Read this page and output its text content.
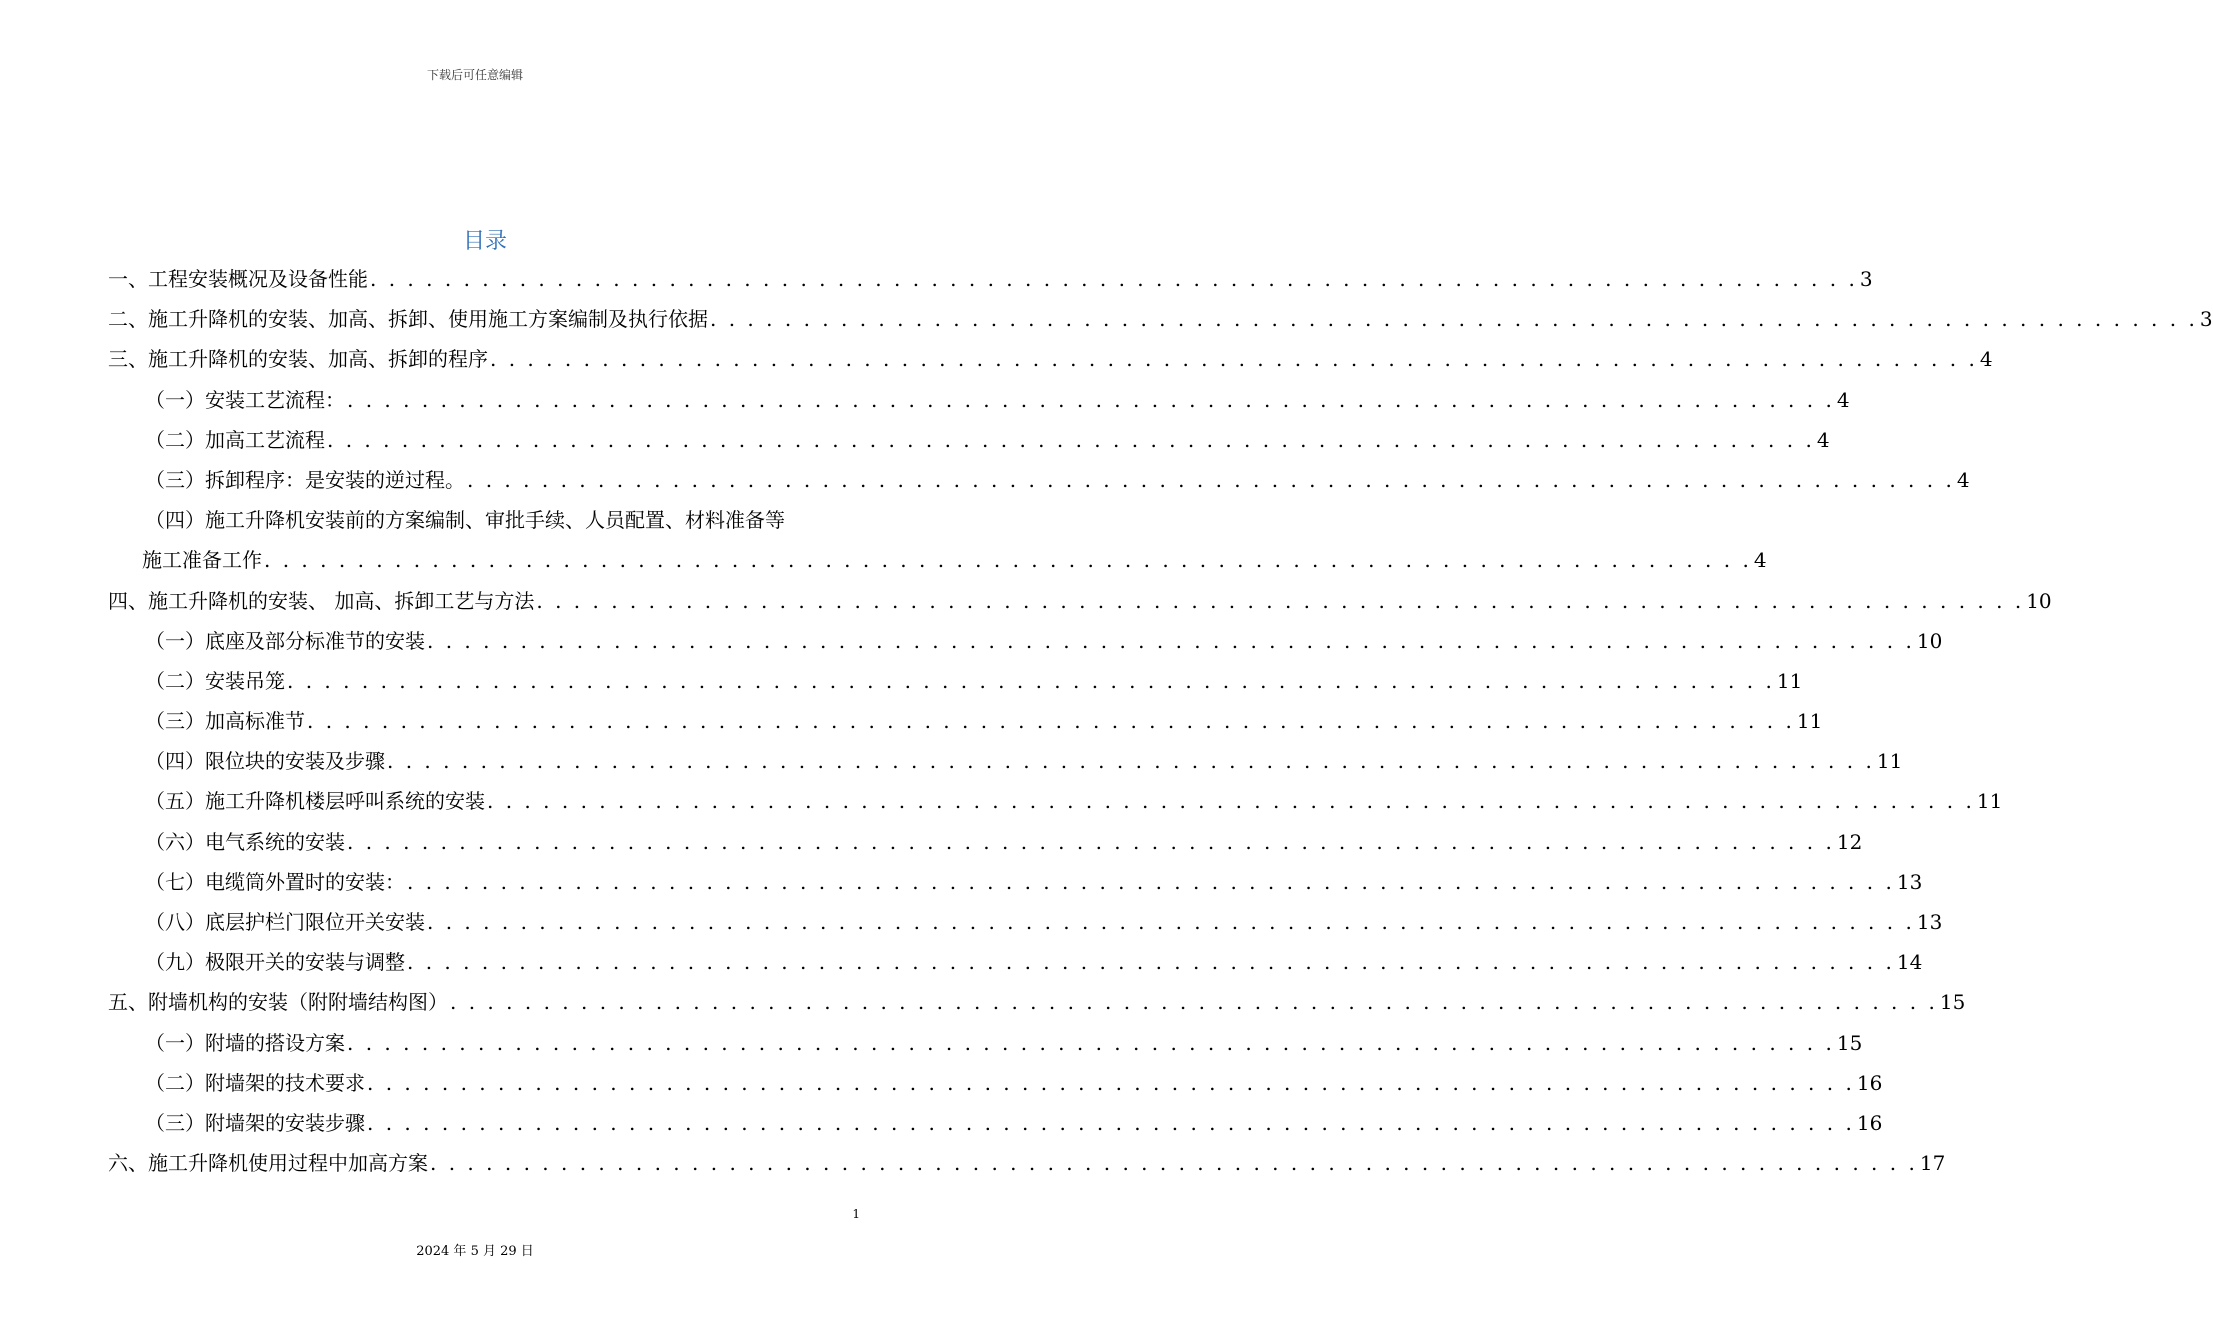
下载后可任意编辑
目录
一、工程安装概况及设备性能 . . . . . . . . . . . . . . . . . . . . . . . . . . . . . . . . . . . . . . . . . . . . . . . . . . . . . . . . . . . . . . . . . . . . . . . . . . . . . . . . 3
二、施工升降机的安装、加高、拆卸、使用施工方案编制及执行依据 . . . . . . . . . . . . . . . . . . . . . . . . . . . . . . . . . . . . . . . . . . . . . . . . . . . . . . . . . . . . . . . . . . . . . . . . . . . . . . . . 3
三、施工升降机的安装、加高、拆卸的程序 . . . . . . . . . . . . . . . . . . . . . . . . . . . . . . . . . . . . . . . . . . . . . . . . . . . . . . . . . . . . . . . . . . . . . . . . . . . . . . . . 4
（一）安装工艺流程： . . . . . . . . . . . . . . . . . . . . . . . . . . . . . . . . . . . . . . . . . . . . . . . . . . . . . . . . . . . . . . . . . . . . . . . . . . . . . . . . 4
（二）加高工艺流程 . . . . . . . . . . . . . . . . . . . . . . . . . . . . . . . . . . . . . . . . . . . . . . . . . . . . . . . . . . . . . . . . . . . . . . . . . . . . . . . . 4
（三）拆卸程序：是安装的逆过程。 . . . . . . . . . . . . . . . . . . . . . . . . . . . . . . . . . . . . . . . . . . . . . . . . . . . . . . . . . . . . . . . . . . . . . . . . . . . . . . . . 4
（四）施工升降机安装前的方案编制、审批手续、人员配置、材料准备等
施工准备工作 . . . . . . . . . . . . . . . . . . . . . . . . . . . . . . . . . . . . . . . . . . . . . . . . . . . . . . . . . . . . . . . . . . . . . . . . . . . . . . . . 4
四、施工升降机的安装、 加高、拆卸工艺与方法 . . . . . . . . . . . . . . . . . . . . . . . . . . . . . . . . . . . . . . . . . . . . . . . . . . . . . . . . . . . . . . . . . . . . . . . . . . . . . . . . 10
（一）底座及部分标准节的安装 . . . . . . . . . . . . . . . . . . . . . . . . . . . . . . . . . . . . . . . . . . . . . . . . . . . . . . . . . . . . . . . . . . . . . . . . . . . . . . . . 10
（二）安装吊笼 . . . . . . . . . . . . . . . . . . . . . . . . . . . . . . . . . . . . . . . . . . . . . . . . . . . . . . . . . . . . . . . . . . . . . . . . . . . . . . . . 11
（三）加高标准节 . . . . . . . . . . . . . . . . . . . . . . . . . . . . . . . . . . . . . . . . . . . . . . . . . . . . . . . . . . . . . . . . . . . . . . . . . . . . . . . . 11
（四）限位块的安装及步骤 . . . . . . . . . . . . . . . . . . . . . . . . . . . . . . . . . . . . . . . . . . . . . . . . . . . . . . . . . . . . . . . . . . . . . . . . . . . . . . . . 11
（五）施工升降机楼层呼叫系统的安装 . . . . . . . . . . . . . . . . . . . . . . . . . . . . . . . . . . . . . . . . . . . . . . . . . . . . . . . . . . . . . . . . . . . . . . . . . . . . . . . . 11
（六）电气系统的安装 . . . . . . . . . . . . . . . . . . . . . . . . . . . . . . . . . . . . . . . . . . . . . . . . . . . . . . . . . . . . . . . . . . . . . . . . . . . . . . . . 12
（七）电缆筒外置时的安装： . . . . . . . . . . . . . . . . . . . . . . . . . . . . . . . . . . . . . . . . . . . . . . . . . . . . . . . . . . . . . . . . . . . . . . . . . . . . . . . . 13
（八）底层护栏门限位开关安装 . . . . . . . . . . . . . . . . . . . . . . . . . . . . . . . . . . . . . . . . . . . . . . . . . . . . . . . . . . . . . . . . . . . . . . . . . . . . . . . . 13
（九）极限开关的安装与调整 . . . . . . . . . . . . . . . . . . . . . . . . . . . . . . . . . . . . . . . . . . . . . . . . . . . . . . . . . . . . . . . . . . . . . . . . . . . . . . . . 14
五、附墙机构的安装（附附墙结构图） . . . . . . . . . . . . . . . . . . . . . . . . . . . . . . . . . . . . . . . . . . . . . . . . . . . . . . . . . . . . . . . . . . . . . . . . . . . . . . . . 15
（一）附墙的搭设方案 . . . . . . . . . . . . . . . . . . . . . . . . . . . . . . . . . . . . . . . . . . . . . . . . . . . . . . . . . . . . . . . . . . . . . . . . . . . . . . . . 15
（二）附墙架的技术要求 . . . . . . . . . . . . . . . . . . . . . . . . . . . . . . . . . . . . . . . . . . . . . . . . . . . . . . . . . . . . . . . . . . . . . . . . . . . . . . . . 16
（三）附墙架的安装步骤 . . . . . . . . . . . . . . . . . . . . . . . . . . . . . . . . . . . . . . . . . . . . . . . . . . . . . . . . . . . . . . . . . . . . . . . . . . . . . . . . 16
六、施工升降机使用过程中加高方案 . . . . . . . . . . . . . . . . . . . . . . . . . . . . . . . . . . . . . . . . . . . . . . . . . . . . . . . . . . . . . . . . . . . . . . . . . . . . . . . . 17
1
2024 年 5 月 29 日
